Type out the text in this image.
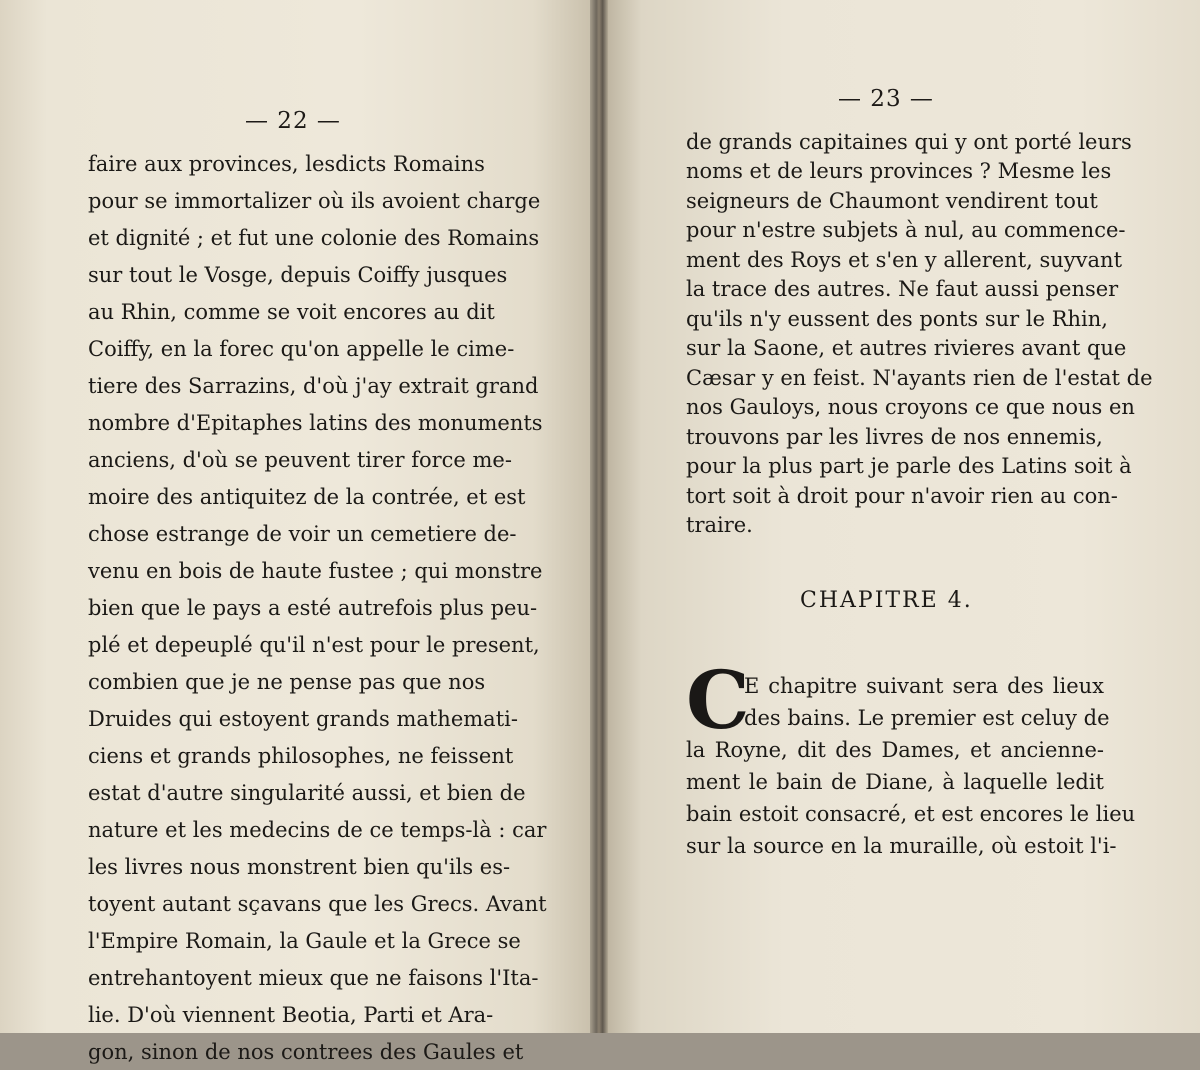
— 22 —
— 23 —
faire aux provinces, lesdicts Romains
pour se immortalizer où ils avoient charge
et dignité ; et fut une colonie des Romains
sur tout le Vosge, depuis Coiffy jusques
au Rhin, comme se voit encores au dit
Coiffy, en la forec qu'on appelle le cime-
tiere des Sarrazins, d'où j'ay extrait grand
nombre d'Epitaphes latins des monuments
anciens, d'où se peuvent tirer force me-
moire des antiquitez de la contrée, et est
chose estrange de voir un cemetiere de-
venu en bois de haute fustee ; qui monstre
bien que le pays a esté autrefois plus peu-
plé et depeuplé qu'il n'est pour le present,
combien que je ne pense pas que nos
Druides qui estoyent grands mathemati-
ciens et grands philosophes, ne feissent
estat d'autre singularité aussi, et bien de
nature et les medecins de ce temps-là : car
les livres nous monstrent bien qu'ils es-
toyent autant sçavans que les Grecs. Avant
l'Empire Romain, la Gaule et la Grece se
entrehantoyent mieux que ne faisons l'Ita-
lie. D'où viennent Beotia, Parti et Ara-
gon, sinon de nos contrees des Gaules et
de grands capitaines qui y ont porté leurs
noms et de leurs provinces ? Mesme les
seigneurs de Chaumont vendirent tout
pour n'estre subjets à nul, au commence-
ment des Roys et s'en y allerent, suyvant
la trace des autres. Ne faut aussi penser
qu'ils n'y eussent des ponts sur le Rhin,
sur la Saone, et autres rivieres avant que
Cæsar y en feist. N'ayants rien de l'estat de
nos Gauloys, nous croyons ce que nous en
trouvons par les livres de nos ennemis,
pour la plus part je parle des Latins soit à
tort soit à droit pour n'avoir rien au con-
traire.
CHAPITRE 4.
C
E chapitre suivant sera des lieux
des bains. Le premier est celuy de
la Royne, dit des Dames, et ancienne-
ment le bain de Diane, à laquelle ledit
bain estoit consacré, et est encores le lieu
sur la source en la muraille, où estoit l'i-
